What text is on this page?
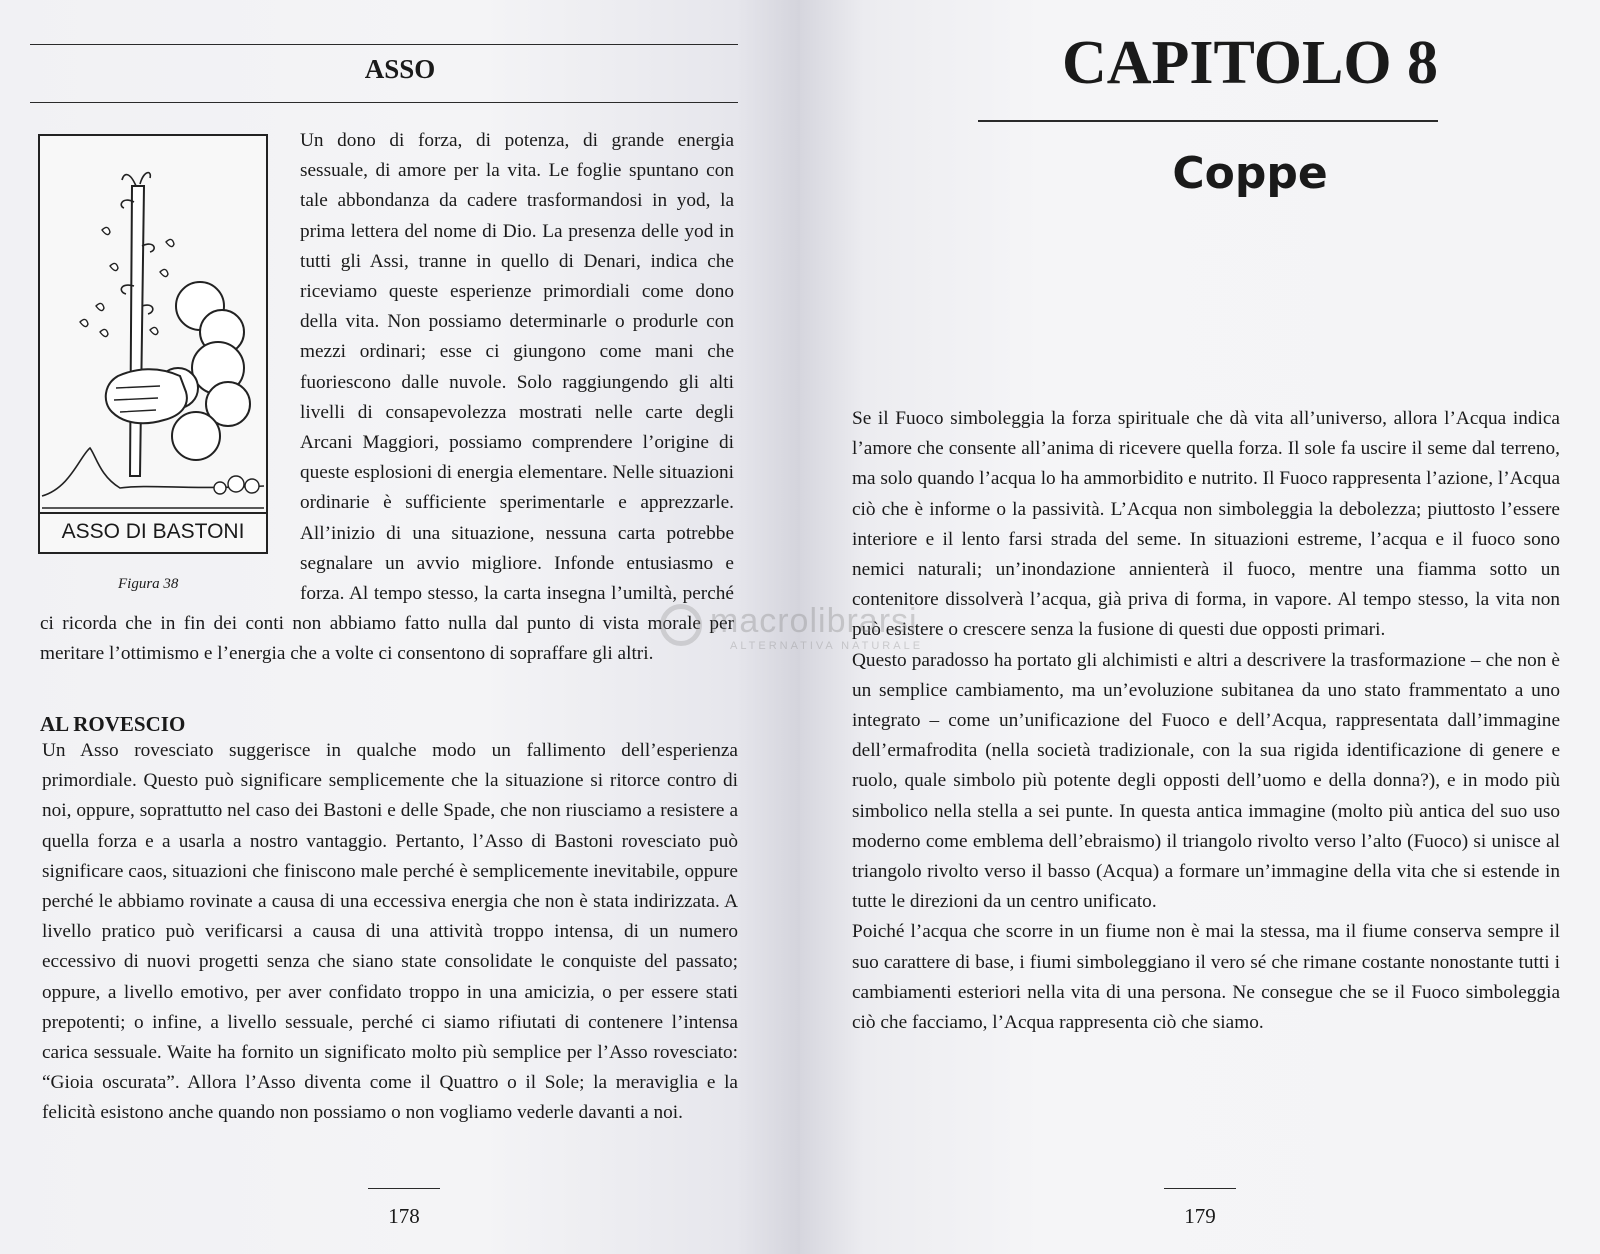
ASSO
ASSO DI BASTONI
Figura 38

Un dono di forza, di potenza, di grande energia sessuale, di amore per la vita. Le foglie spuntano con tale abbondanza da cadere trasformandosi in yod, la prima lettera del nome di Dio. La presenza delle yod in tutti gli Assi, tranne in quello di Denari, indica che riceviamo queste esperienze primordiali come dono della vita. Non possiamo determinarle o produrle con mezzi ordinari; esse ci giungono come mani che fuoriescono dalle nuvole. Solo raggiungendo gli alti livelli di consapevolezza mostrati nelle carte degli Arcani Maggiori, possiamo comprendere l’origine di queste esplosioni di energia elementare. Nelle situazioni ordinarie è sufficiente sperimentarle e apprezzarle. All’inizio di una situazione, nessuna carta potrebbe segnalare un avvio migliore. Infonde entusiasmo e forza. Al tempo stesso, la carta insegna l’umiltà, perché ci ricorda che in fin dei conti non abbiamo fatto nulla dal punto di vista morale per meritare l’ottimismo e l’energia che a volte ci consentono di sopraffare gli altri.

AL ROVESCIO

Un Asso rovesciato suggerisce in qualche modo un fallimento dell’esperienza primordiale. Questo può significare semplicemente che la situazione si ritorce contro di noi, oppure, soprattutto nel caso dei Bastoni e delle Spade, che non riusciamo a resistere a quella forza e a usarla a nostro vantaggio. Pertanto, l’Asso di Bastoni rovesciato può significare caos, situazioni che finiscono male perché è semplicemente inevitabile, oppure perché le abbiamo rovinate a causa di una eccessiva energia che non è stata indirizzata. A livello pratico può verificarsi a causa di una attività troppo intensa, di un numero eccessivo di nuovi progetti senza che siano state consolidate le conquiste del passato; oppure, a livello emotivo, per aver confidato troppo in una amicizia, o per essere stati prepotenti; o infine, a livello sessuale, perché ci siamo rifiutati di contenere l’intensa carica sessuale. Waite ha fornito un significato molto più semplice per l’Asso rovesciato: “Gioia oscurata”. Allora l’Asso diventa come il Quattro o il Sole; la meraviglia e la felicità esistono anche quando non possiamo o non vogliamo vederle davanti a noi.

178
CAPITOLO 8
Coppe

Se il Fuoco simboleggia la forza spirituale che dà vita all’universo, allora l’Acqua indica l’amore che consente all’anima di ricevere quella forza. Il sole fa uscire il seme dal terreno, ma solo quando l’acqua lo ha ammorbidito e nutrito. Il Fuoco rappresenta l’azione, l’Acqua ciò che è informe o la passività. L’Acqua non simboleggia la debolezza; piuttosto l’essere interiore e il lento farsi strada del seme. In situazioni estreme, l’acqua e il fuoco sono nemici naturali; un’inondazione annienterà il fuoco, mentre una fiamma sotto un contenitore dissolverà l’acqua, già priva di forma, in vapore. Al tempo stesso, la vita non può esistere o crescere senza la fusione di questi due opposti primari.

Questo paradosso ha portato gli alchimisti e altri a descrivere la trasformazione – che non è un semplice cambiamento, ma un’evoluzione subitanea da uno stato frammentato a uno integrato – come un’unificazione del Fuoco e dell’Acqua, rappresentata dall’immagine dell’ermafrodita (nella società tradizionale, con la sua rigida identificazione di genere e ruolo, quale simbolo più potente degli opposti dell’uomo e della donna?), e in modo più simbolico nella stella a sei punte. In questa antica immagine (molto più antica del suo uso moderno come emblema dell’ebraismo) il triangolo rivolto verso l’alto (Fuoco) si unisce al triangolo rivolto verso il basso (Acqua) a formare un’immagine della vita che si estende in tutte le direzioni da un centro unificato.

Poiché l’acqua che scorre in un fiume non è mai la stessa, ma il fiume conserva sempre il suo carattere di base, i fiumi simboleggiano il vero sé che rimane costante nonostante tutti i cambiamenti esteriori nella vita di una persona. Ne consegue che se il Fuoco simboleggia ciò che facciamo, l’Acqua rappresenta ciò che siamo.

179
macrolibrarsi
ALTERNATIVA NATURALE
